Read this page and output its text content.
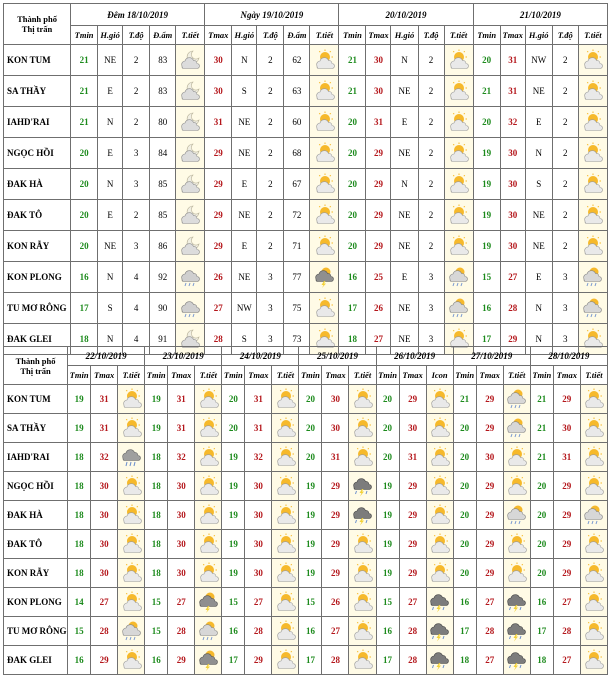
Thành phố
Thị trấn	Đêm 18/10/2019					Ngày 19/10/2019					20/10/2019					21/10/2019				
	Tmin	H.gió	T.độ	Đ.ẩm	T.tiết	Tmax	H.gió	T.độ	Đ.ẩm	T.tiết	Tmin	Tmax	H.gió	T.độ	T.tiết	Tmin	Tmax	H.gió	T.độ	T.tiết
KON TUM	21	NE	2	83		30	N	2	62		21	30	N	2		20	31	NW	2	

SA THẦY	21	E	2	83		30	S	2	63		21	30	NE	2		21	31	NE	2	

IAHD'RAI	21	N	2	80		31	NE	2	60		20	31	E	2		20	32	E	2	

NGỌC HỒI	20	E	3	84		29	NE	2	68		20	29	NE	2		19	30	N	2	

ĐAK HÀ	20	N	3	85		29	E	2	67		20	29	N	2		19	30	S	2	

ĐAK TÔ	20	E	2	85		29	NE	2	72		20	29	NE	2		19	30	NE	2	

KON RẪY	20	NE	3	86		29	E	2	71		20	29	NE	2		19	30	NE	2	

KON PLONG	16	N	4	92		26	NE	3	77		16	25	E	3		15	27	E	3	

TU MƠ RÔNG	17	S	4	90		27	NW	3	75		17	26	NE	3		16	28	N	3	

ĐAK GLEI	18	N	4	91		28	S	3	73		18	27	NE	3		17	29	N	3	
Thành phố
Thị trấn	22/10/2019			23/10/2019			24/10/2019			25/10/2019			26/10/2019			27/10/2019			28/10/2019		
	Tmin	Tmax	T.tiết	Tmin	Tmax	T.tiết	Tmin	Tmax	T.tiết	Tmin	Tmax	T.tiết	Tmin	Tmax	Icon	Tmin	Tmax	T.tiết	Tmin	Tmax	T.tiết
KON TUM	19	31		19	31		20	31		20	30		20	29		21	29		21	29	

SA THẦY	19	31		19	31		20	31		20	30		20	30		20	29		21	30	

IAHD'RAI	18	32		18	32		19	32		20	31		20	31		20	30		21	31	

NGỌC HỒI	18	30		18	30		19	30		19	29		19	29		20	29		20	29	

ĐAK HÀ	18	30		18	30		19	30		19	29		19	29		20	29		20	29	

ĐAK TÔ	18	30		18	30		19	30		19	29		19	29		20	29		20	29	

KON RẪY	18	30		18	30		19	30		19	29		19	29		20	29		20	29	

KON PLONG	14	27		15	27		15	27		15	26		15	27		16	27		16	27	

TU MƠ RÔNG	15	28		15	28		16	28		16	27		16	28		17	28		17	28	

ĐAK GLEI	16	29		16	29		17	29		17	28		17	28		18	27		18	27	
